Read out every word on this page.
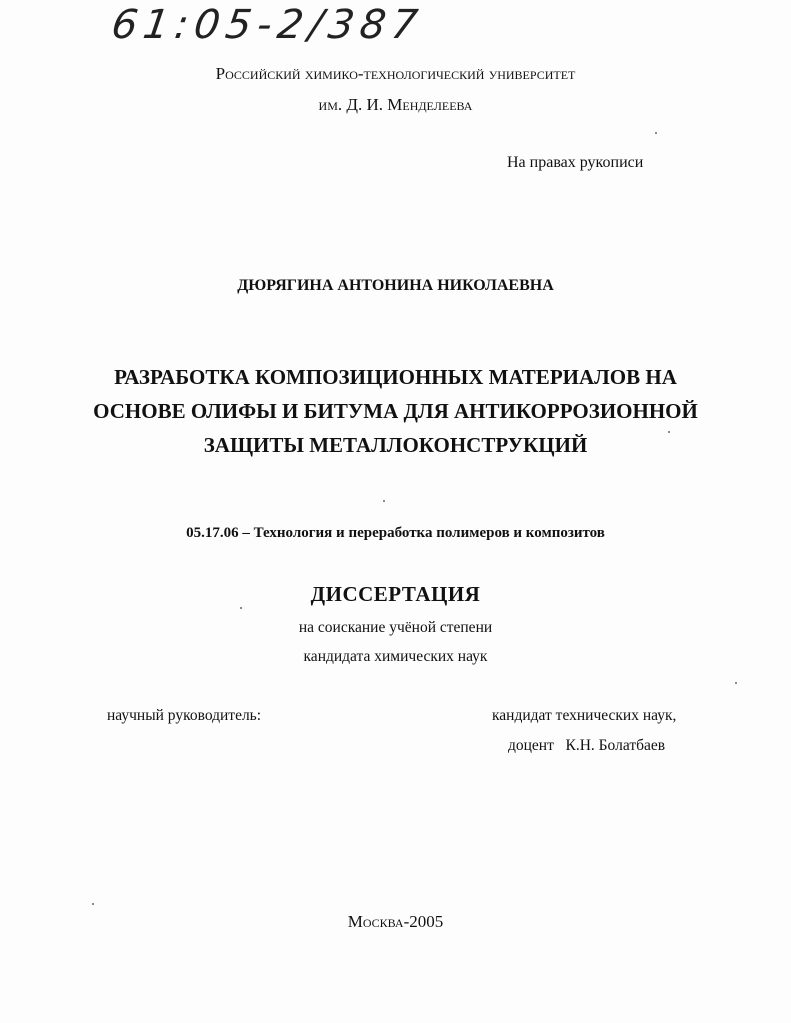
61:05-2/387
Российский химико-технологический университет
им. Д. И. Менделеева
На правах рукописи
ДЮРЯГИНА АНТОНИНА НИКОЛАЕВНА
РАЗРАБОТКА КОМПОЗИЦИОННЫХ МАТЕРИАЛОВ НА
ОСНОВЕ ОЛИФЫ И БИТУМА ДЛЯ АНТИКОРРОЗИОННОЙ
ЗАЩИТЫ МЕТАЛЛОКОНСТРУКЦИЙ
05.17.06 – Технология и переработка полимеров и композитов
ДИССЕРТАЦИЯ
на соискание учёной степени
кандидата химических наук
научный руководитель:	кандидат технических наук,
доцент   К.Н. Болатбаев
Москва-2005
